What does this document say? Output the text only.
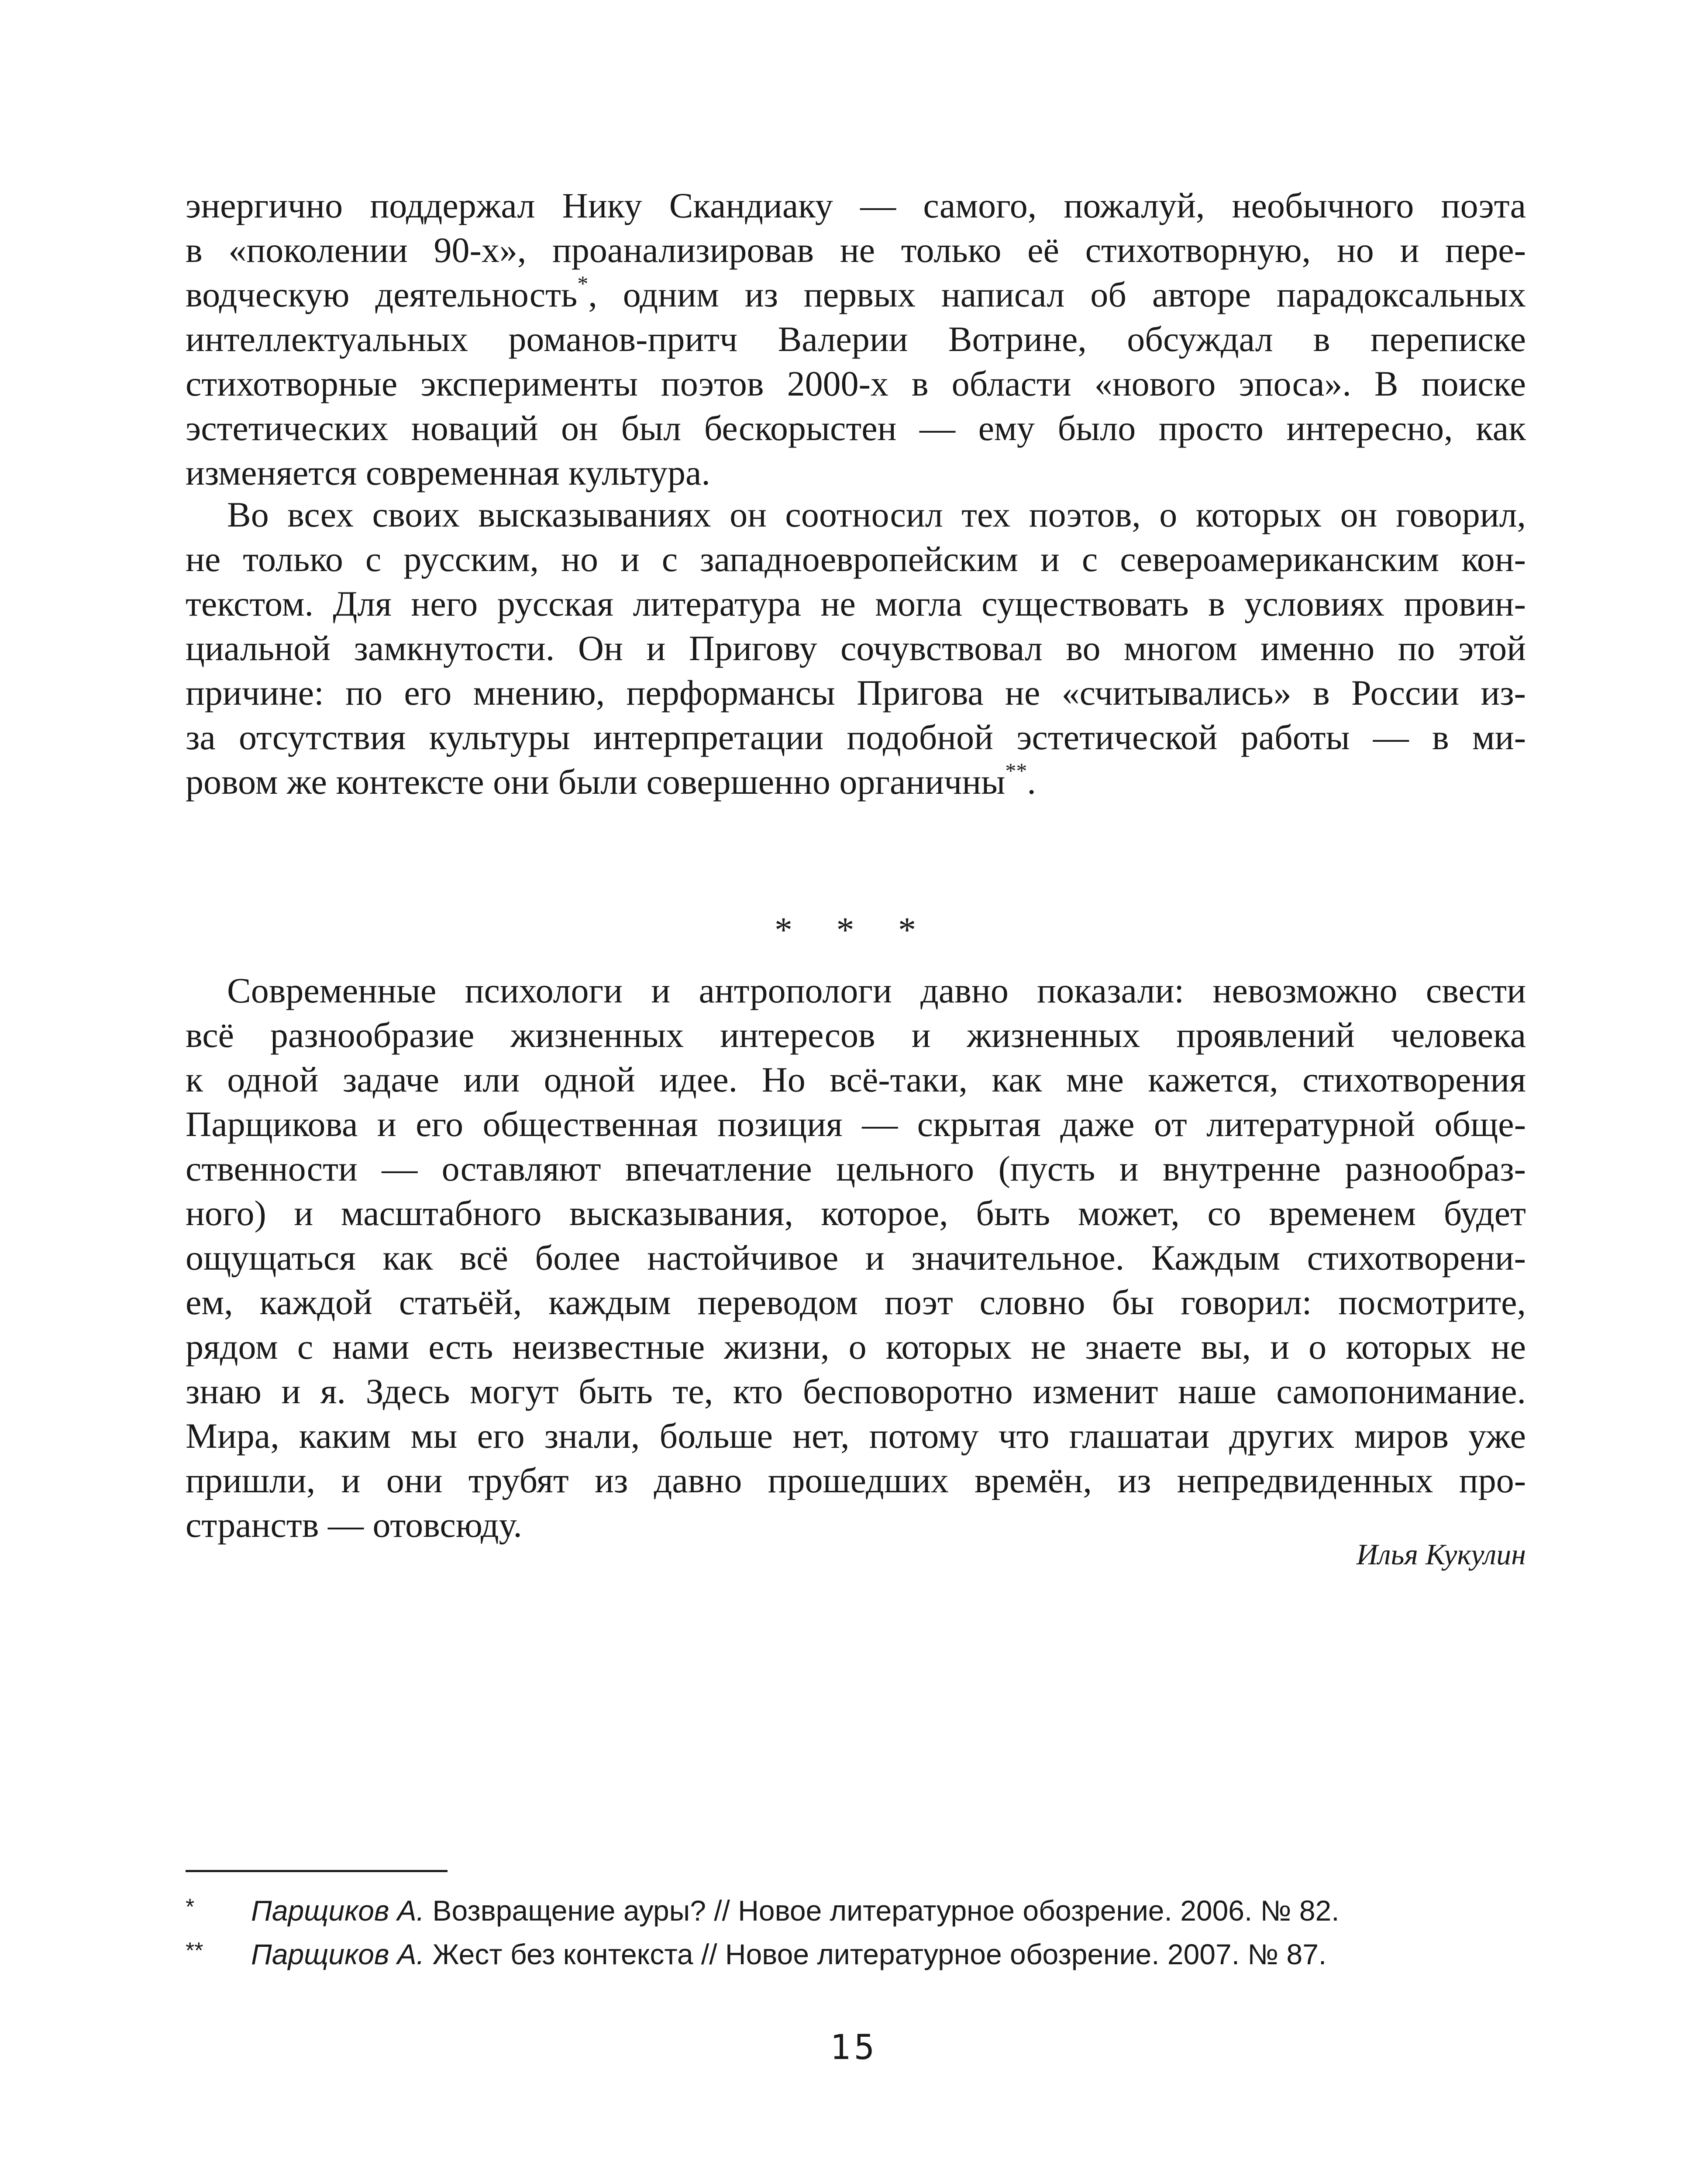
энергично поддержал Нику Скандиаку — самого, пожалуй, необычного поэта
в «поколении 90-х», проанализировав не только её стихотворную, но и пере-
водческую деятельность*, одним из первых написал об авторе парадоксальных
интеллектуальных романов-притч Валерии Вотрине, обсуждал в переписке
стихотворные эксперименты поэтов 2000-х в области «нового эпоса». В поиске
эстетических новаций он был бескорыстен — ему было просто интересно, как
изменяется современная культура.
Во всех своих высказываниях он соотносил тех поэтов, о которых он говорил,
не только с русским, но и с западноевропейским и с североамериканским кон-
текстом. Для него русская литература не могла существовать в условиях провин-
циальной замкнутости. Он и Пригову сочувствовал во многом именно по этой
причине: по его мнению, перформансы Пригова не «считывались» в России из-
за отсутствия культуры интерпретации подобной эстетической работы — в ми-
ровом же контексте они были совершенно органичны**.
* * *
Современные психологи и антропологи давно показали: невозможно свести
всё разнообразие жизненных интересов и жизненных проявлений человека
к одной задаче или одной идее. Но всё-таки, как мне кажется, стихотворения
Парщикова и его общественная позиция — скрытая даже от литературной обще-
ственности — оставляют впечатление цельного (пусть и внутренне разнообраз-
ного) и масштабного высказывания, которое, быть может, со временем будет
ощущаться как всё более настойчивое и значительное. Каждым стихотворени-
ем, каждой статьёй, каждым переводом поэт словно бы говорил: посмотрите,
рядом с нами есть неизвестные жизни, о которых не знаете вы, и о которых не
знаю и я. Здесь могут быть те, кто бесповоротно изменит наше самопонимание.
Мира, каким мы его знали, больше нет, потому что глашатаи других миров уже
пришли, и они трубят из давно прошедших времён, из непредвиденных про-
странств — отовсюду.
Илья Кукулин
* Парщиков А. Возвращение ауры? // Новое литературное обозрение. 2006. № 82.
** Парщиков А. Жест без контекста // Новое литературное обозрение. 2007. № 87.
15
